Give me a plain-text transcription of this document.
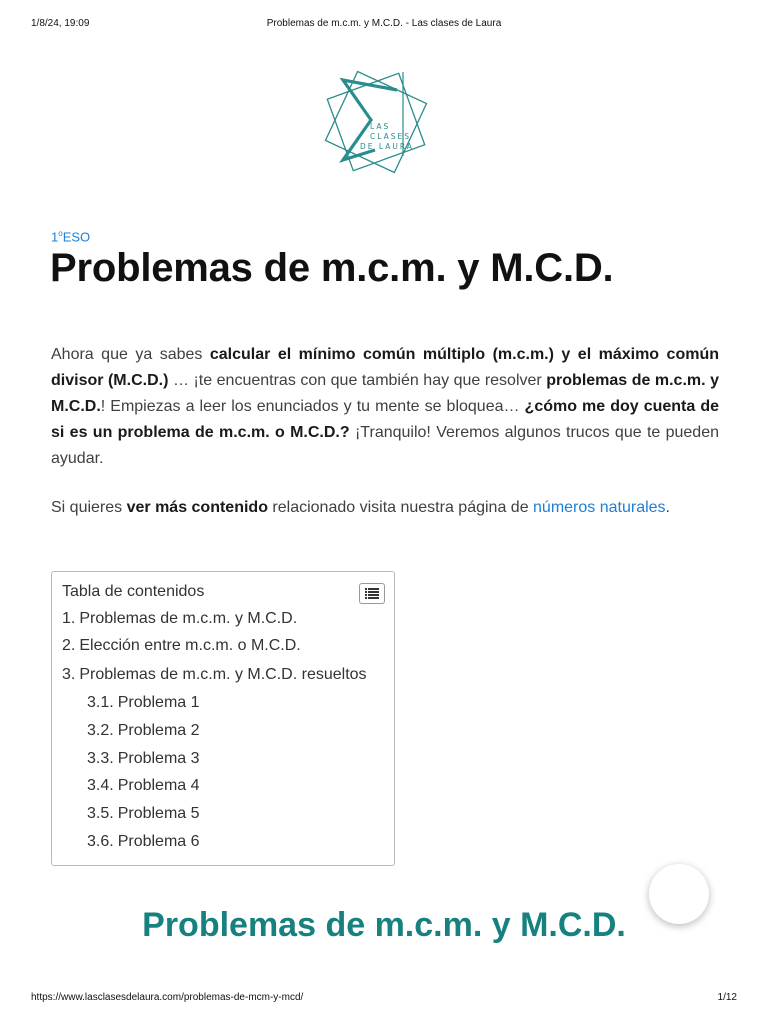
1/8/24, 19:09	Problemas de m.c.m. y M.C.D. - Las clases de Laura
LAS
CLASES
DE LAURA
1$^o$ESO
Problemas de m.c.m. y M.C.D.

Ahora que ya sabes calcular el mínimo común múltiplo (m.c.m.) y el máximo común divisor (M.C.D.) … ¡te encuentras con que también hay que resolver problemas de m.c.m. y M.C.D.! Empiezas a leer los enunciados y tu mente se bloquea… ¿cómo me doy cuenta de si es un problema de m.c.m. o M.C.D.? ¡Tranquilo! Veremos algunos trucos que te pueden ayudar.

Si quieres ver más contenido relacionado visita nuestra página de números naturales.

Tabla de contenidos
1. Problemas de m.c.m. y M.C.D.
2. Elección entre m.c.m. o M.C.D.
3. Problemas de m.c.m. y M.C.D. resueltos
3.1. Problema 1
3.2. Problema 2
3.3. Problema 3
3.4. Problema 4
3.5. Problema 5
3.6. Problema 6
Problemas de m.c.m. y M.C.D.
https://www.lasclasesdelaura.com/problemas-de-mcm-y-mcd/	1/12
